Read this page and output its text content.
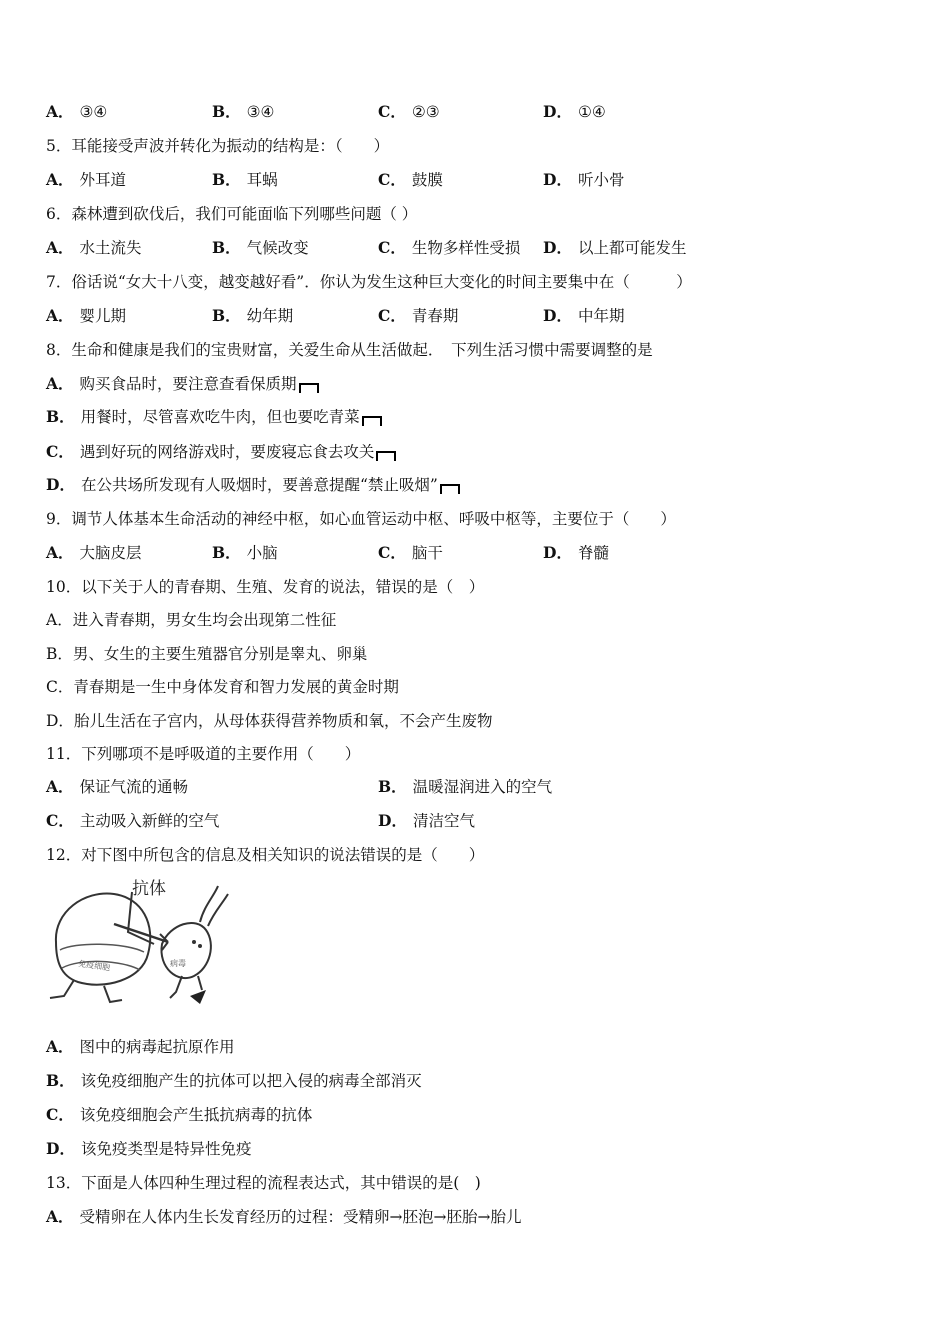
A． ③④	B． ③④	C． ②③	D． ①④
5．耳能接受声波并转化为振动的结构是：（　　）
A． 外耳道	B． 耳蜗	C． 鼓膜	D． 听小骨
6．森林遭到砍伐后，我们可能面临下列哪些问题（ ）
A． 水土流失	B． 气候改变	C． 生物多样性受损 D． 以上都可能发生
7．俗话说“女大十八变，越变越好看”．你认为发生这种巨大变化的时间主要集中在（　　　）
A． 婴儿期	B． 幼年期	C． 青春期	D． 中年期
8．生命和健康是我们的宝贵财富，关爱生命从生活做起．　下列生活习惯中需要调整的是
A． 购买食品时，要注意查看保质期
B． 用餐时，尽管喜欢吃牛肉，但也要吃青菜
C． 遇到好玩的网络游戏时，要废寝忘食去攻关
D． 在公共场所发现有人吸烟时，要善意提醒“禁止吸烟”
9．调节人体基本生命活动的神经中枢，如心血管运动中枢、呼吸中枢等，主要位于（　　）
A． 大脑皮层	B． 小脑	C． 脑干	D． 脊髓
10．以下关于人的青春期、生殖、发育的说法，错误的是（　）
A．进入青春期，男女生均会出现第二性征
B．男、女生的主要生殖器官分别是睾丸、卵巢
C．青春期是一生中身体发育和智力发展的黄金时期
D．胎儿生活在子宫内，从母体获得营养物质和氧，不会产生废物
11．下列哪项不是呼吸道的主要作用（　　）
A． 保证气流的通畅	B． 温暖湿润进入的空气
C． 主动吸入新鲜的空气	D． 清洁空气
12．对下图中所包含的信息及相关知识的说法错误的是（　　）
抗体
免疫细胞	病毒
A． 图中的病毒起抗原作用
B． 该免疫细胞产生的抗体可以把入侵的病毒全部消灭
C． 该免疫细胞会产生抵抗病毒的抗体
D． 该免疫类型是特异性免疫
13．下面是人体四种生理过程的流程表达式，其中错误的是(　)
A． 受精卵在人体内生长发育经历的过程：受精卵→胚泡→胚胎→胎儿
